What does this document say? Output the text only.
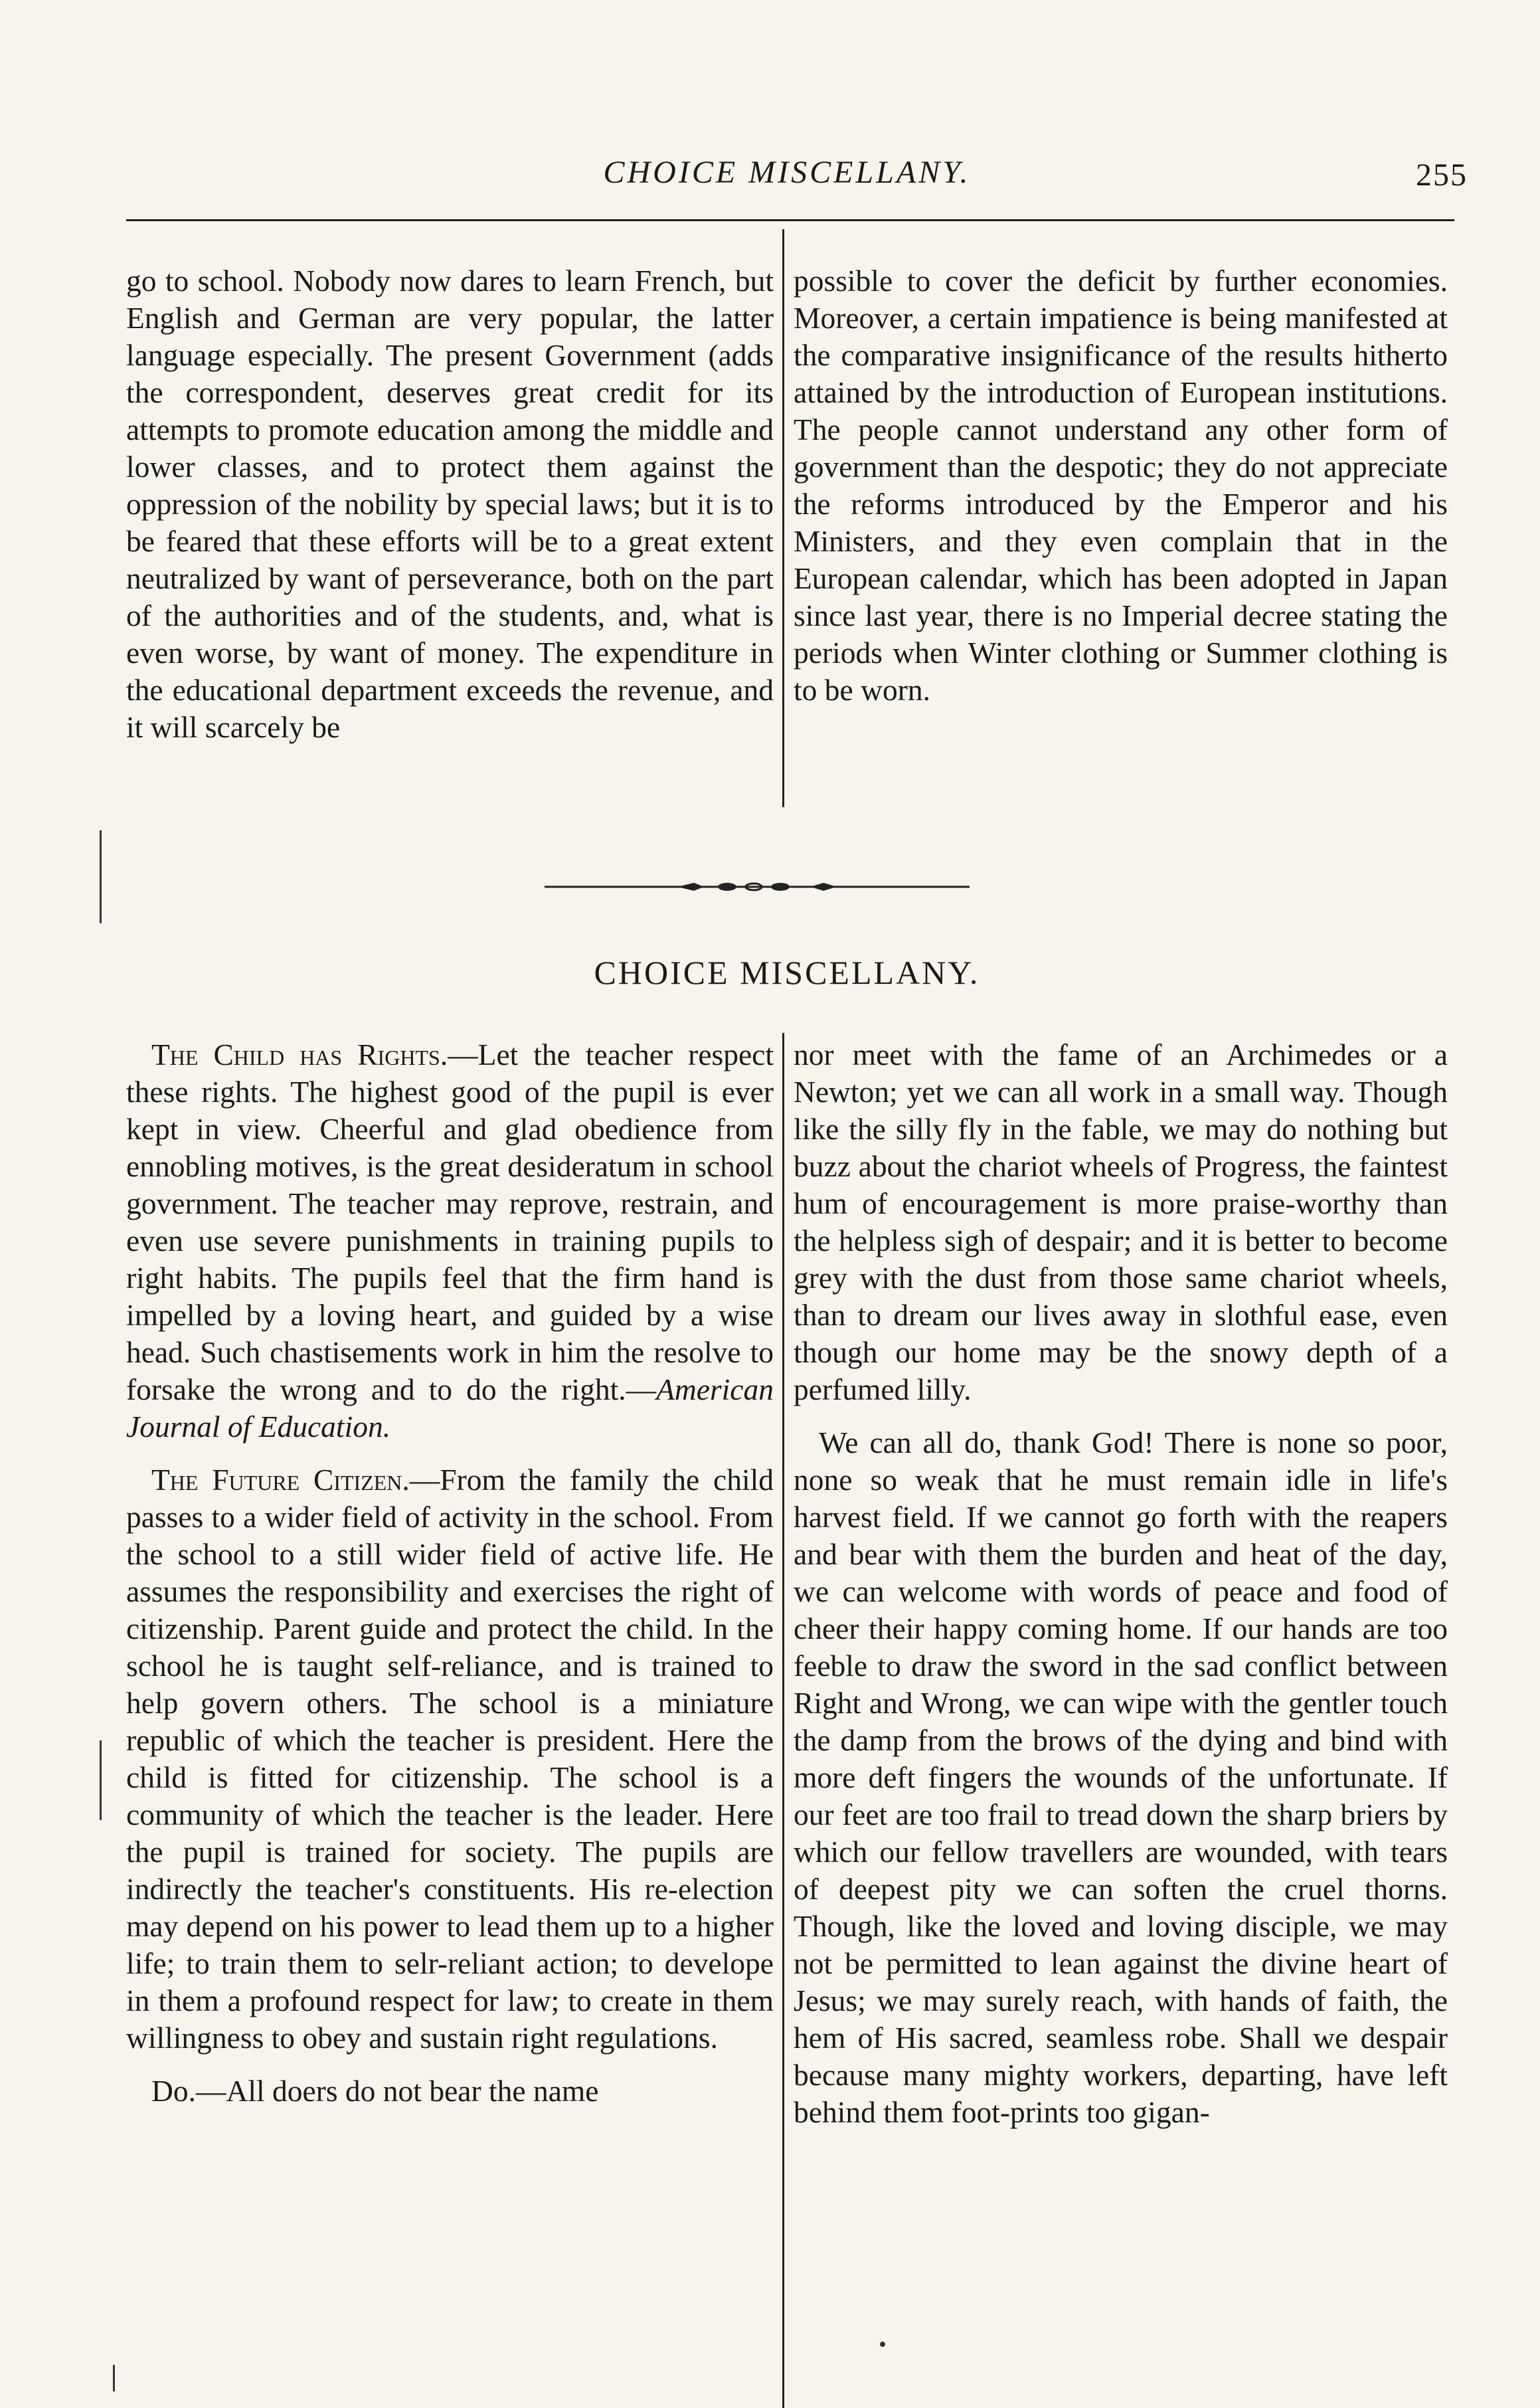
CHOICE MISCELLANY.	255

go to school. Nobody now dares to learn French, but English and German are very popular, the latter language especially. The present Government (adds the correspondent, deserves great credit for its attempts to promote education among the middle and lower classes, and to protect them against the oppression of the nobility by special laws; but it is to be feared that these efforts will be to a great extent neutralized by want of perseverance, both on the part of the authorities and of the students, and, what is even worse, by want of money. The expenditure in the educational department exceeds the revenue, and it will scarcely be

possible to cover the deficit by further economies. Moreover, a certain impatience is being manifested at the comparative insignificance of the results hitherto attained by the introduction of European institutions. The people cannot understand any other form of government than the despotic; they do not appreciate the reforms introduced by the Emperor and his Ministers, and they even complain that in the European calendar, which has been adopted in Japan since last year, there is no Imperial decree stating the periods when Winter clothing or Summer clothing is to be worn.

CHOICE MISCELLANY.

The Child has Rights.—Let the teacher respect these rights. The highest good of the pupil is ever kept in view. Cheerful and glad obedience from ennobling motives, is the great desideratum in school government. The teacher may reprove, restrain, and even use severe punishments in training pupils to right habits. The pupils feel that the firm hand is impelled by a loving heart, and guided by a wise head. Such chastisements work in him the resolve to forsake the wrong and to do the right.—American Journal of Education.

The Future Citizen.—From the family the child passes to a wider field of activity in the school. From the school to a still wider field of active life. He assumes the responsibility and exercises the right of citizenship. Parent guide and protect the child. In the school he is taught self-reliance, and is trained to help govern others. The school is a miniature republic of which the teacher is president. Here the child is fitted for citizenship. The school is a community of which the teacher is the leader. Here the pupil is trained for society. The pupils are indirectly the teacher's constituents. His re-election may depend on his power to lead them up to a higher life; to train them to selr-reliant action; to develope in them a profound respect for law; to create in them willingness to obey and sustain right regulations.

Do.—All doers do not bear the name

nor meet with the fame of an Archimedes or a Newton; yet we can all work in a small way. Though like the silly fly in the fable, we may do nothing but buzz about the chariot wheels of Progress, the faintest hum of encouragement is more praise-worthy than the helpless sigh of despair; and it is better to become grey with the dust from those same chariot wheels, than to dream our lives away in slothful ease, even though our home may be the snowy depth of a perfumed lilly.

We can all do, thank God! There is none so poor, none so weak that he must remain idle in life's harvest field. If we cannot go forth with the reapers and bear with them the burden and heat of the day, we can welcome with words of peace and food of cheer their happy coming home. If our hands are too feeble to draw the sword in the sad conflict between Right and Wrong, we can wipe with the gentler touch the damp from the brows of the dying and bind with more deft fingers the wounds of the unfortunate. If our feet are too frail to tread down the sharp briers by which our fellow travellers are wounded, with tears of deepest pity we can soften the cruel thorns. Though, like the loved and loving disciple, we may not be permitted to lean against the divine heart of Jesus; we may surely reach, with hands of faith, the hem of His sacred, seamless robe. Shall we despair because many mighty workers, departing, have left behind them foot-prints too gigan-
